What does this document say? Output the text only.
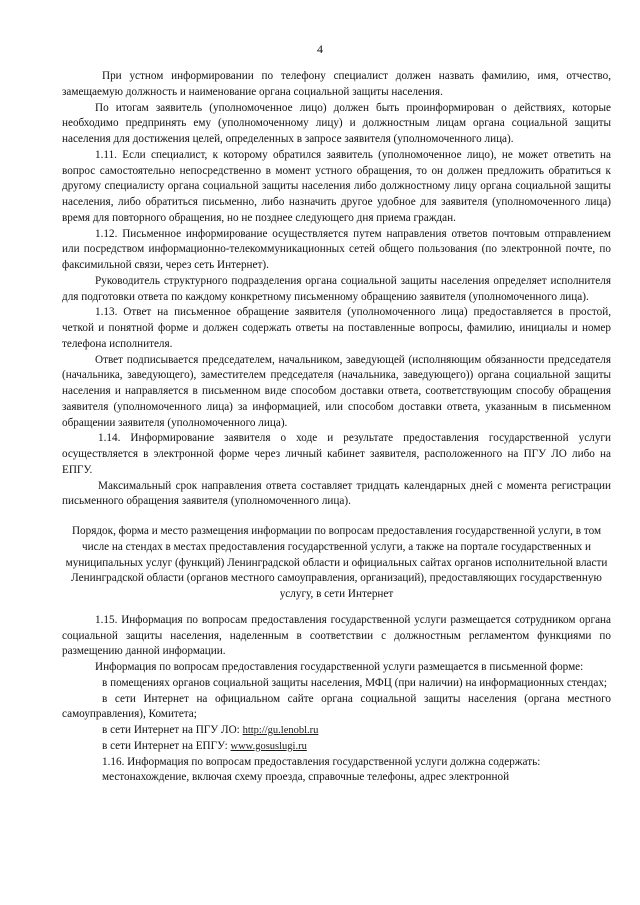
4

При устном информировании по телефону специалист должен назвать фамилию, имя, отчество, замещаемую должность и наименование органа социальной защиты населения.

По итогам заявитель (уполномоченное лицо) должен быть проинформирован о действиях, которые необходимо предпринять ему (уполномоченному лицу) и должностным лицам органа социальной защиты населения для достижения целей, определенных в запросе заявителя (уполномоченного лица).

1.11. Если специалист, к которому обратился заявитель (уполномоченное лицо), не может ответить на вопрос самостоятельно непосредственно в момент устного обращения, то он должен предложить обратиться к другому специалисту органа социальной защиты населения либо должностному лицу органа социальной защиты населения, либо обратиться письменно, либо назначить другое удобное для заявителя (уполномоченного лица) время для повторного обращения, но не позднее следующего дня приема граждан.

1.12. Письменное информирование осуществляется путем направления ответов почтовым отправлением или посредством информационно-телекоммуникационных сетей общего пользования (по электронной почте, по факсимильной связи, через сеть Интернет).

Руководитель структурного подразделения органа социальной защиты населения определяет исполнителя для подготовки ответа по каждому конкретному письменному обращению заявителя (уполномоченного лица).

1.13. Ответ на письменное обращение заявителя (уполномоченного лица) предоставляется в простой, четкой и понятной форме и должен содержать ответы на поставленные вопросы, фамилию, инициалы и номер телефона исполнителя.

Ответ подписывается председателем, начальником, заведующей (исполняющим обязанности председателя (начальника, заведующего), заместителем председателя (начальника, заведующего)) органа социальной защиты населения и направляется в письменном виде способом доставки ответа, соответствующим способу обращения заявителя (уполномоченного лица) за информацией, или способом доставки ответа, указанным в письменном обращении заявителя (уполномоченного лица).

1.14. Информирование заявителя о ходе и результате предоставления государственной услуги осуществляется в электронной форме через личный кабинет заявителя, расположенного на ПГУ ЛО либо на ЕПГУ.

Максимальный срок направления ответа составляет тридцать календарных дней с момента регистрации письменного обращения заявителя (уполномоченного лица).

Порядок, форма и место размещения информации по вопросам предоставления государственной услуги, в том числе на стендах в местах предоставления государственной услуги, а также на портале государственных и муниципальных услуг (функций) Ленинградской области и официальных сайтах органов исполнительной власти Ленинградской области (органов местного самоуправления, организаций), предоставляющих государственную услугу, в сети Интернет

1.15. Информация по вопросам предоставления государственной услуги размещается сотрудником органа социальной защиты населения, наделенным в соответствии с должностным регламентом функциями по размещению данной информации.

Информация по вопросам предоставления государственной услуги размещается в письменной форме:

в помещениях органов социальной защиты населения, МФЦ (при наличии) на информационных стендах;

в сети Интернет на официальном сайте органа социальной защиты населения (органа местного самоуправления), Комитета;

в сети Интернет на ПГУ ЛО: http://gu.lenobl.ru

в сети Интернет на ЕПГУ: www.gosuslugi.ru

1.16. Информация по вопросам предоставления государственной услуги должна содержать:

местонахождение, включая схему проезда, справочные телефоны, адрес электронной
